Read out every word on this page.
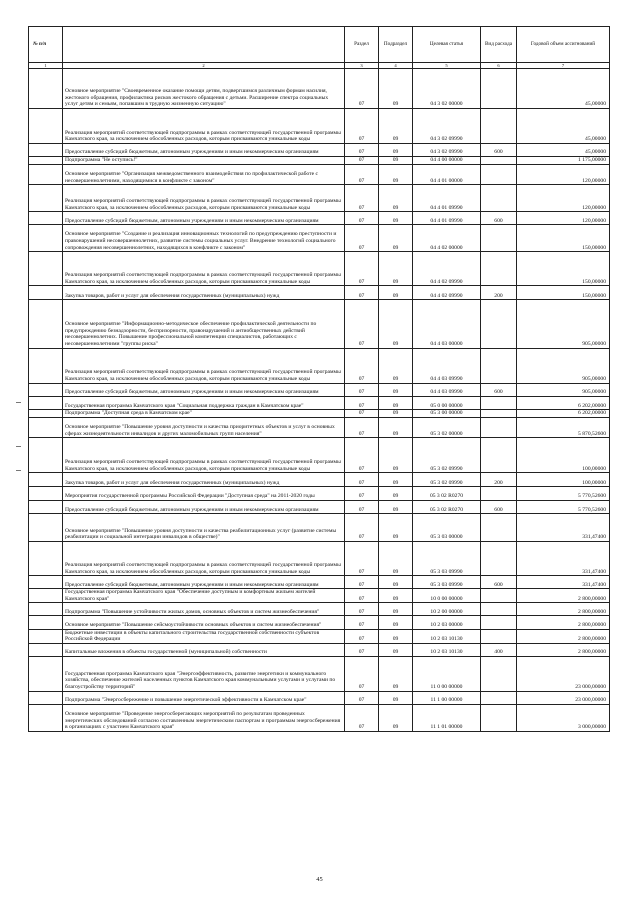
№ п/п		Раздел	Подраздел	Целевая статья	Вид расхода	Годовой объем ассигнований
1	2	3	4	5	6	7
	Основное мероприятие "Своевременное оказание помощи детям, подвергшимся различным формам насилия, жестокого обращения, профилактика рисков жестокого обращения с детьми. Расширение спектра социальных услуг детям и семьям, попавшим в трудную жизненную ситуацию"	07	09	04 3 02 00000		45,00000
	Реализация мероприятий соответствующей подпрограммы в рамках соответствующей государственной программы Камчатского края, за исключением обособленных расходов, которым присваиваются уникальные коды	07	09	04 3 02 09990		45,00000
	Предоставление субсидий бюджетным, автономным учреждениям и иным некоммерческим организациям	07	09	04 3 02 09990	600	45,00000
	Подпрограмма "Не оступись!"	07	09	04 4 00 00000		1 175,00000
	Основное мероприятие "Организация межведомственного взаимодействия по профилактической работе с несовершеннолетними, находящимися в конфликте с законом"	07	09	04 4 01 00000		120,00000
	Реализация мероприятий соответствующей подпрограммы в рамках соответствующей государственной программы Камчатского края, за исключением обособленных расходов, которым присваиваются уникальные коды	07	09	04 4 01 09990		120,00000
	Предоставление субсидий бюджетным, автономным учреждениям и иным некоммерческим организациям	07	09	04 4 01 09990	600	120,00000
	Основное мероприятие "Создание и реализация инновационных технологий по предупреждению преступности и правонарушений несовершеннолетних, развитие системы социальных услуг. Внедрение технологий социального сопровождения несовершеннолетних, находящихся в конфликте с законом"	07	09	04 4 02 00000		150,00000
	Реализация мероприятий соответствующей подпрограммы в рамках соответствующей государственной программы Камчатского края, за исключением обособленных расходов, которым присваиваются уникальные коды	07	09	04 4 02 09990		150,00000
	Закупка товаров, работ и услуг для обеспечения государственных (муниципальных) нужд	07	09	04 4 02 09990	200	150,00000
	Основное мероприятие "Информационно-методическое обеспечение профилактической деятельности по предупреждению безнадзорности, беспризорности, правонарушений и антиобщественных действий несовершеннолетних. Повышение профессиональной компетенции специалистов, работающих с несовершеннолетними "группы риска"	07	09	04 4 03 00000		905,00000
	Реализация мероприятий соответствующей подпрограммы в рамках соответствующей государственной программы Камчатского края, за исключением обособленных расходов, которым присваиваются уникальные коды	07	09	04 4 03 09990		905,00000
	Предоставление субсидий бюджетным, автономным учреждениям и иным некоммерческим организациям	07	09	04 4 03 09990	600	905,00000
	Государственная программа Камчатского края "Социальная поддержка граждан в Камчатском крае"	07	09	05 0 00 00000		6 202,00000
	Подпрограмма "Доступная среда в Камчатском крае"	07	09	05 3 00 00000		6 202,00000
	Основное мероприятие "Повышение уровня доступности и качества приоритетных объектов и услуг в основных сферах жизнедеятельности инвалидов и других маломобильных групп населения"	07	09	05 3 02 00000		5 870,52600
	Реализация мероприятий соответствующей подпрограммы в рамках соответствующей государственной программы Камчатского края, за исключением обособленных расходов, которым присваиваются уникальные коды	07	09	05 3 02 09990		100,00000
	Закупка товаров, работ и услуг для обеспечения государственных (муниципальных) нужд	07	09	05 3 02 09990	200	100,00000
	Мероприятия государственной программы Российской Федерации "Доступная среда" на 2011-2020 годы	07	09	05 3 02 R0270		5 770,52600
	Предоставление субсидий бюджетным, автономным учреждениям и иным некоммерческим организациям	07	09	05 3 02 R0270	600	5 770,52600
	Основное мероприятие "Повышение уровня доступности и качества реабилитационных услуг (развитие системы реабилитации и социальной интеграции инвалидов в обществе)"	07	09	05 3 03 00000		331,47400
	Реализация мероприятий соответствующей подпрограммы в рамках соответствующей государственной программы Камчатского края, за исключением обособленных расходов, которым присваиваются уникальные коды	07	09	05 3 03 09990		331,47400
	Предоставление субсидий бюджетным, автономным учреждениям и иным некоммерческим организациям	07	09	05 3 03 09990	600	331,47400
	Государственная программа Камчатского края "Обеспечение доступным и комфортным жильем жителей Камчатского края"	07	09	10 0 00 00000		2 800,00000
	Подпрограмма "Повышение устойчивости жилых домов, основных объектов и систем жизнеобеспечения"	07	09	10 2 00 00000		2 800,00000
	Основное мероприятие "Повышение сейсмоустойчивости основных объектов и систем жизнеобеспечения"	07	09	10 2 03 00000		2 800,00000
	Бюджетные инвестиции в объекты капитального строительства государственной собственности субъектов Российской Федерации	07	09	10 2 03 10130		2 800,00000
	Капитальные вложения в объекты государственной (муниципальной) собственности	07	09	10 2 03 10130	400	2 800,00000
	Государственная программа Камчатского края "Энергоэффективность, развитие энергетики и коммунального хозяйства, обеспечение жителей населенных пунктов Камчатского края коммунальными услугами и услугами по благоустройству территорий"	07	09	11 0 00 00000		23 000,00000
	Подпрограмма "Энергосбережение и повышение энергетической эффективности в Камчатском крае"	07	09	11 1 00 00000		23 000,00000
	Основное мероприятие "Проведение энергосберегающих мероприятий по результатам проведенных энергетических обследований согласно составленным энергетическим паспортам и программам энергосбережения в организациях с участием Камчатского края"	07	09	11 1 01 00000		3 000,00000
45
